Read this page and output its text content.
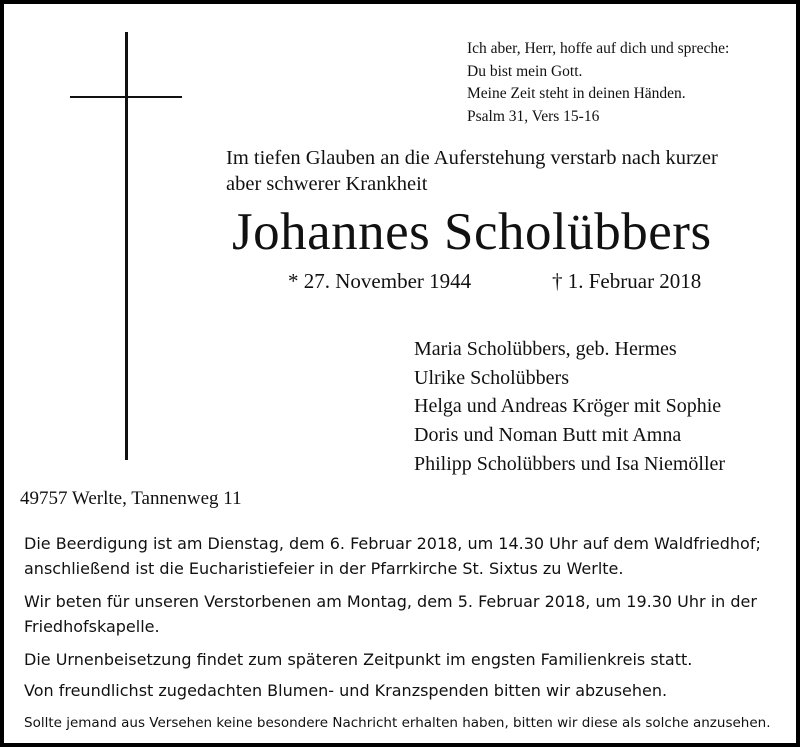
Ich aber, Herr, hoffe auf dich und spreche:
Du bist mein Gott.
Meine Zeit steht in deinen Händen.
Psalm 31, Vers 15-16
Im tiefen Glauben an die Auferstehung verstarb nach kurzer
aber schwerer Krankheit
Johannes Scholübbers
* 27. November 1944	† 1. Februar 2018
Maria Scholübbers, geb. Hermes
Ulrike Scholübbers
Helga und Andreas Kröger mit Sophie
Doris und Noman Butt mit Amna
Philipp Scholübbers und Isa Niemöller
49757 Werlte, Tannenweg 11
Die Beerdigung ist am Dienstag, dem 6. Februar 2018, um 14.30 Uhr auf dem Waldfriedhof;
anschließend ist die Eucharistiefeier in der Pfarrkirche St. Sixtus zu Werlte.
Wir beten für unseren Verstorbenen am Montag, dem 5. Februar 2018, um 19.30 Uhr in der
Friedhofskapelle.
Die Urnenbeisetzung findet zum späteren Zeitpunkt im engsten Familienkreis statt.
Von freundlichst zugedachten Blumen- und Kranzspenden bitten wir abzusehen.
Sollte jemand aus Versehen keine besondere Nachricht erhalten haben, bitten wir diese als solche anzusehen.
